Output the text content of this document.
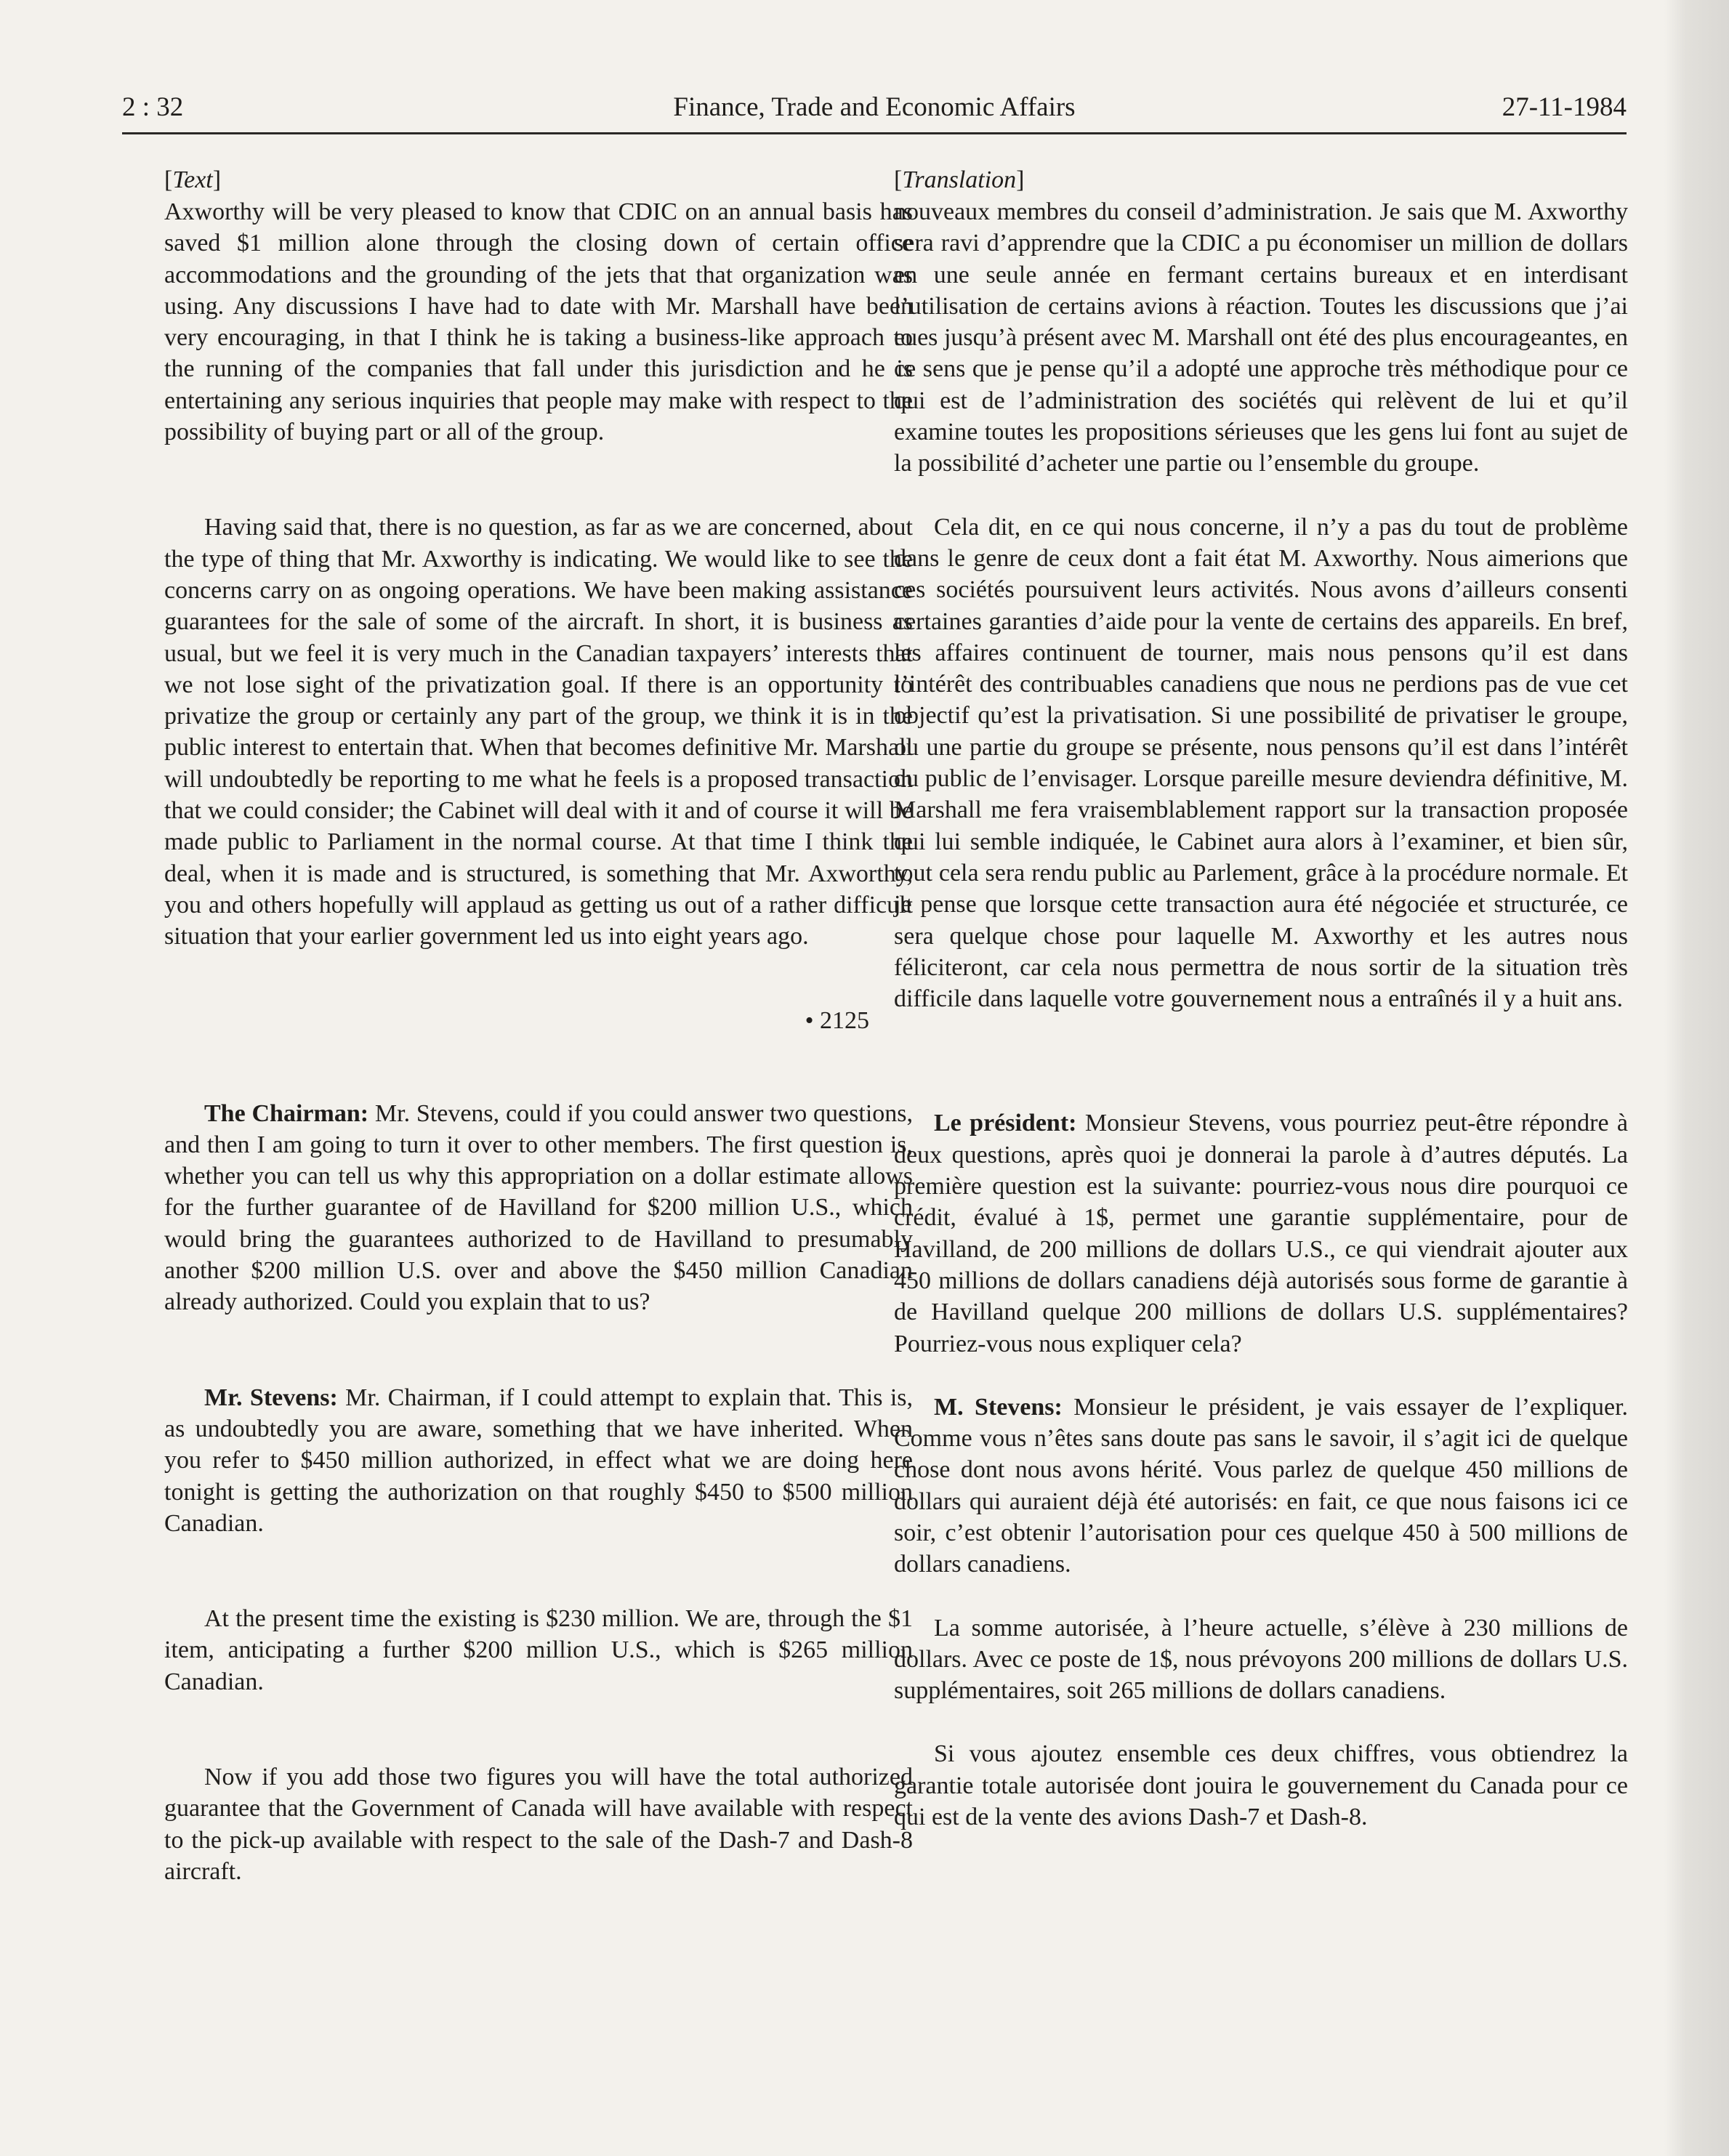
2 : 32	Finance, Trade and Economic Affairs	27-11-1984
[Text]

Axworthy will be very pleased to know that CDIC on an annual basis has saved $1 million alone through the closing down of certain office accommodations and the grounding of the jets that that organization was using. Any discussions I have had to date with Mr. Marshall have been very encouraging, in that I think he is taking a business-like approach to the running of the companies that fall under this jurisdiction and he is entertaining any serious inquiries that people may make with respect to the possibility of buying part or all of the group.

Having said that, there is no question, as far as we are concerned, about the type of thing that Mr. Axworthy is indicating. We would like to see the concerns carry on as ongoing operations. We have been making assistance guarantees for the sale of some of the aircraft. In short, it is business as usual, but we feel it is very much in the Canadian taxpayers’ interests that we not lose sight of the privatization goal. If there is an opportunity to privatize the group or certainly any part of the group, we think it is in the public interest to entertain that. When that becomes definitive Mr. Marshall will undoubtedly be reporting to me what he feels is a proposed transaction that we could consider; the Cabinet will deal with it and of course it will be made public to Parliament in the normal course. At that time I think the deal, when it is made and is structured, is something that Mr. Axworthy, you and others hopefully will applaud as getting us out of a rather difficult situation that your earlier government led us into eight years ago.

• 2125

The Chairman: Mr. Stevens, could if you could answer two questions, and then I am going to turn it over to other members. The first question is, whether you can tell us why this appropriation on a dollar estimate allows for the further guarantee of de Havilland for $200 million U.S., which would bring the guarantees authorized to de Havilland to presumably another $200 million U.S. over and above the $450 million Canadian already authorized. Could you explain that to us?

Mr. Stevens: Mr. Chairman, if I could attempt to explain that. This is, as undoubtedly you are aware, something that we have inherited. When you refer to $450 million authorized, in effect what we are doing here tonight is getting the authorization on that roughly $450 to $500 million Canadian.

At the present time the existing is $230 million. We are, through the $1 item, anticipating a further $200 million U.S., which is $265 million Canadian.

Now if you add those two figures you will have the total authorized guarantee that the Government of Canada will have available with respect to the pick-up available with respect to the sale of the Dash-7 and Dash-8 aircraft.

[Translation]

nouveaux membres du conseil d’administration. Je sais que M. Axworthy sera ravi d’apprendre que la CDIC a pu économiser un million de dollars en une seule année en fermant certains bureaux et en interdisant l’utilisation de certains avions à réaction. Toutes les discussions que j’ai eues jusqu’à présent avec M. Marshall ont été des plus encourageantes, en ce sens que je pense qu’il a adopté une approche très méthodique pour ce qui est de l’administration des sociétés qui relèvent de lui et qu’il examine toutes les propositions sérieuses que les gens lui font au sujet de la possibilité d’acheter une partie ou l’ensemble du groupe.

Cela dit, en ce qui nous concerne, il n’y a pas du tout de problème dans le genre de ceux dont a fait état M. Axworthy. Nous aimerions que ces sociétés poursuivent leurs activités. Nous avons d’ailleurs consenti certaines garanties d’aide pour la vente de certains des appareils. En bref, les affaires continuent de tourner, mais nous pensons qu’il est dans l’intérêt des contribuables canadiens que nous ne perdions pas de vue cet objectif qu’est la privatisation. Si une possibilité de privatiser le groupe, ou une partie du groupe se présente, nous pensons qu’il est dans l’intérêt du public de l’envisager. Lorsque pareille mesure deviendra définitive, M. Marshall me fera vraisemblablement rapport sur la transaction proposée qui lui semble indiquée, le Cabinet aura alors à l’examiner, et bien sûr, tout cela sera rendu public au Parlement, grâce à la procédure normale. Et je pense que lorsque cette transaction aura été négociée et structurée, ce sera quelque chose pour laquelle M. Axworthy et les autres nous féliciteront, car cela nous permettra de nous sortir de la situation très difficile dans laquelle votre gouvernement nous a entraînés il y a huit ans.

Le président: Monsieur Stevens, vous pourriez peut-être répondre à deux questions, après quoi je donnerai la parole à d’autres députés. La première question est la suivante: pourriez-vous nous dire pourquoi ce crédit, évalué à 1$, permet une garantie supplémentaire, pour de Havilland, de 200 millions de dollars U.S., ce qui viendrait ajouter aux 450 millions de dollars canadiens déjà autorisés sous forme de garantie à de Havilland quelque 200 millions de dollars U.S. supplémentaires? Pourriez-vous nous expliquer cela?

M. Stevens: Monsieur le président, je vais essayer de l’expliquer. Comme vous n’êtes sans doute pas sans le savoir, il s’agit ici de quelque chose dont nous avons hérité. Vous parlez de quelque 450 millions de dollars qui auraient déjà été autorisés: en fait, ce que nous faisons ici ce soir, c’est obtenir l’autorisation pour ces quelque 450 à 500 millions de dollars canadiens.

La somme autorisée, à l’heure actuelle, s’élève à 230 millions de dollars. Avec ce poste de 1$, nous prévoyons 200 millions de dollars U.S. supplémentaires, soit 265 millions de dollars canadiens.

Si vous ajoutez ensemble ces deux chiffres, vous obtiendrez la garantie totale autorisée dont jouira le gouvernement du Canada pour ce qui est de la vente des avions Dash-7 et Dash-8.
